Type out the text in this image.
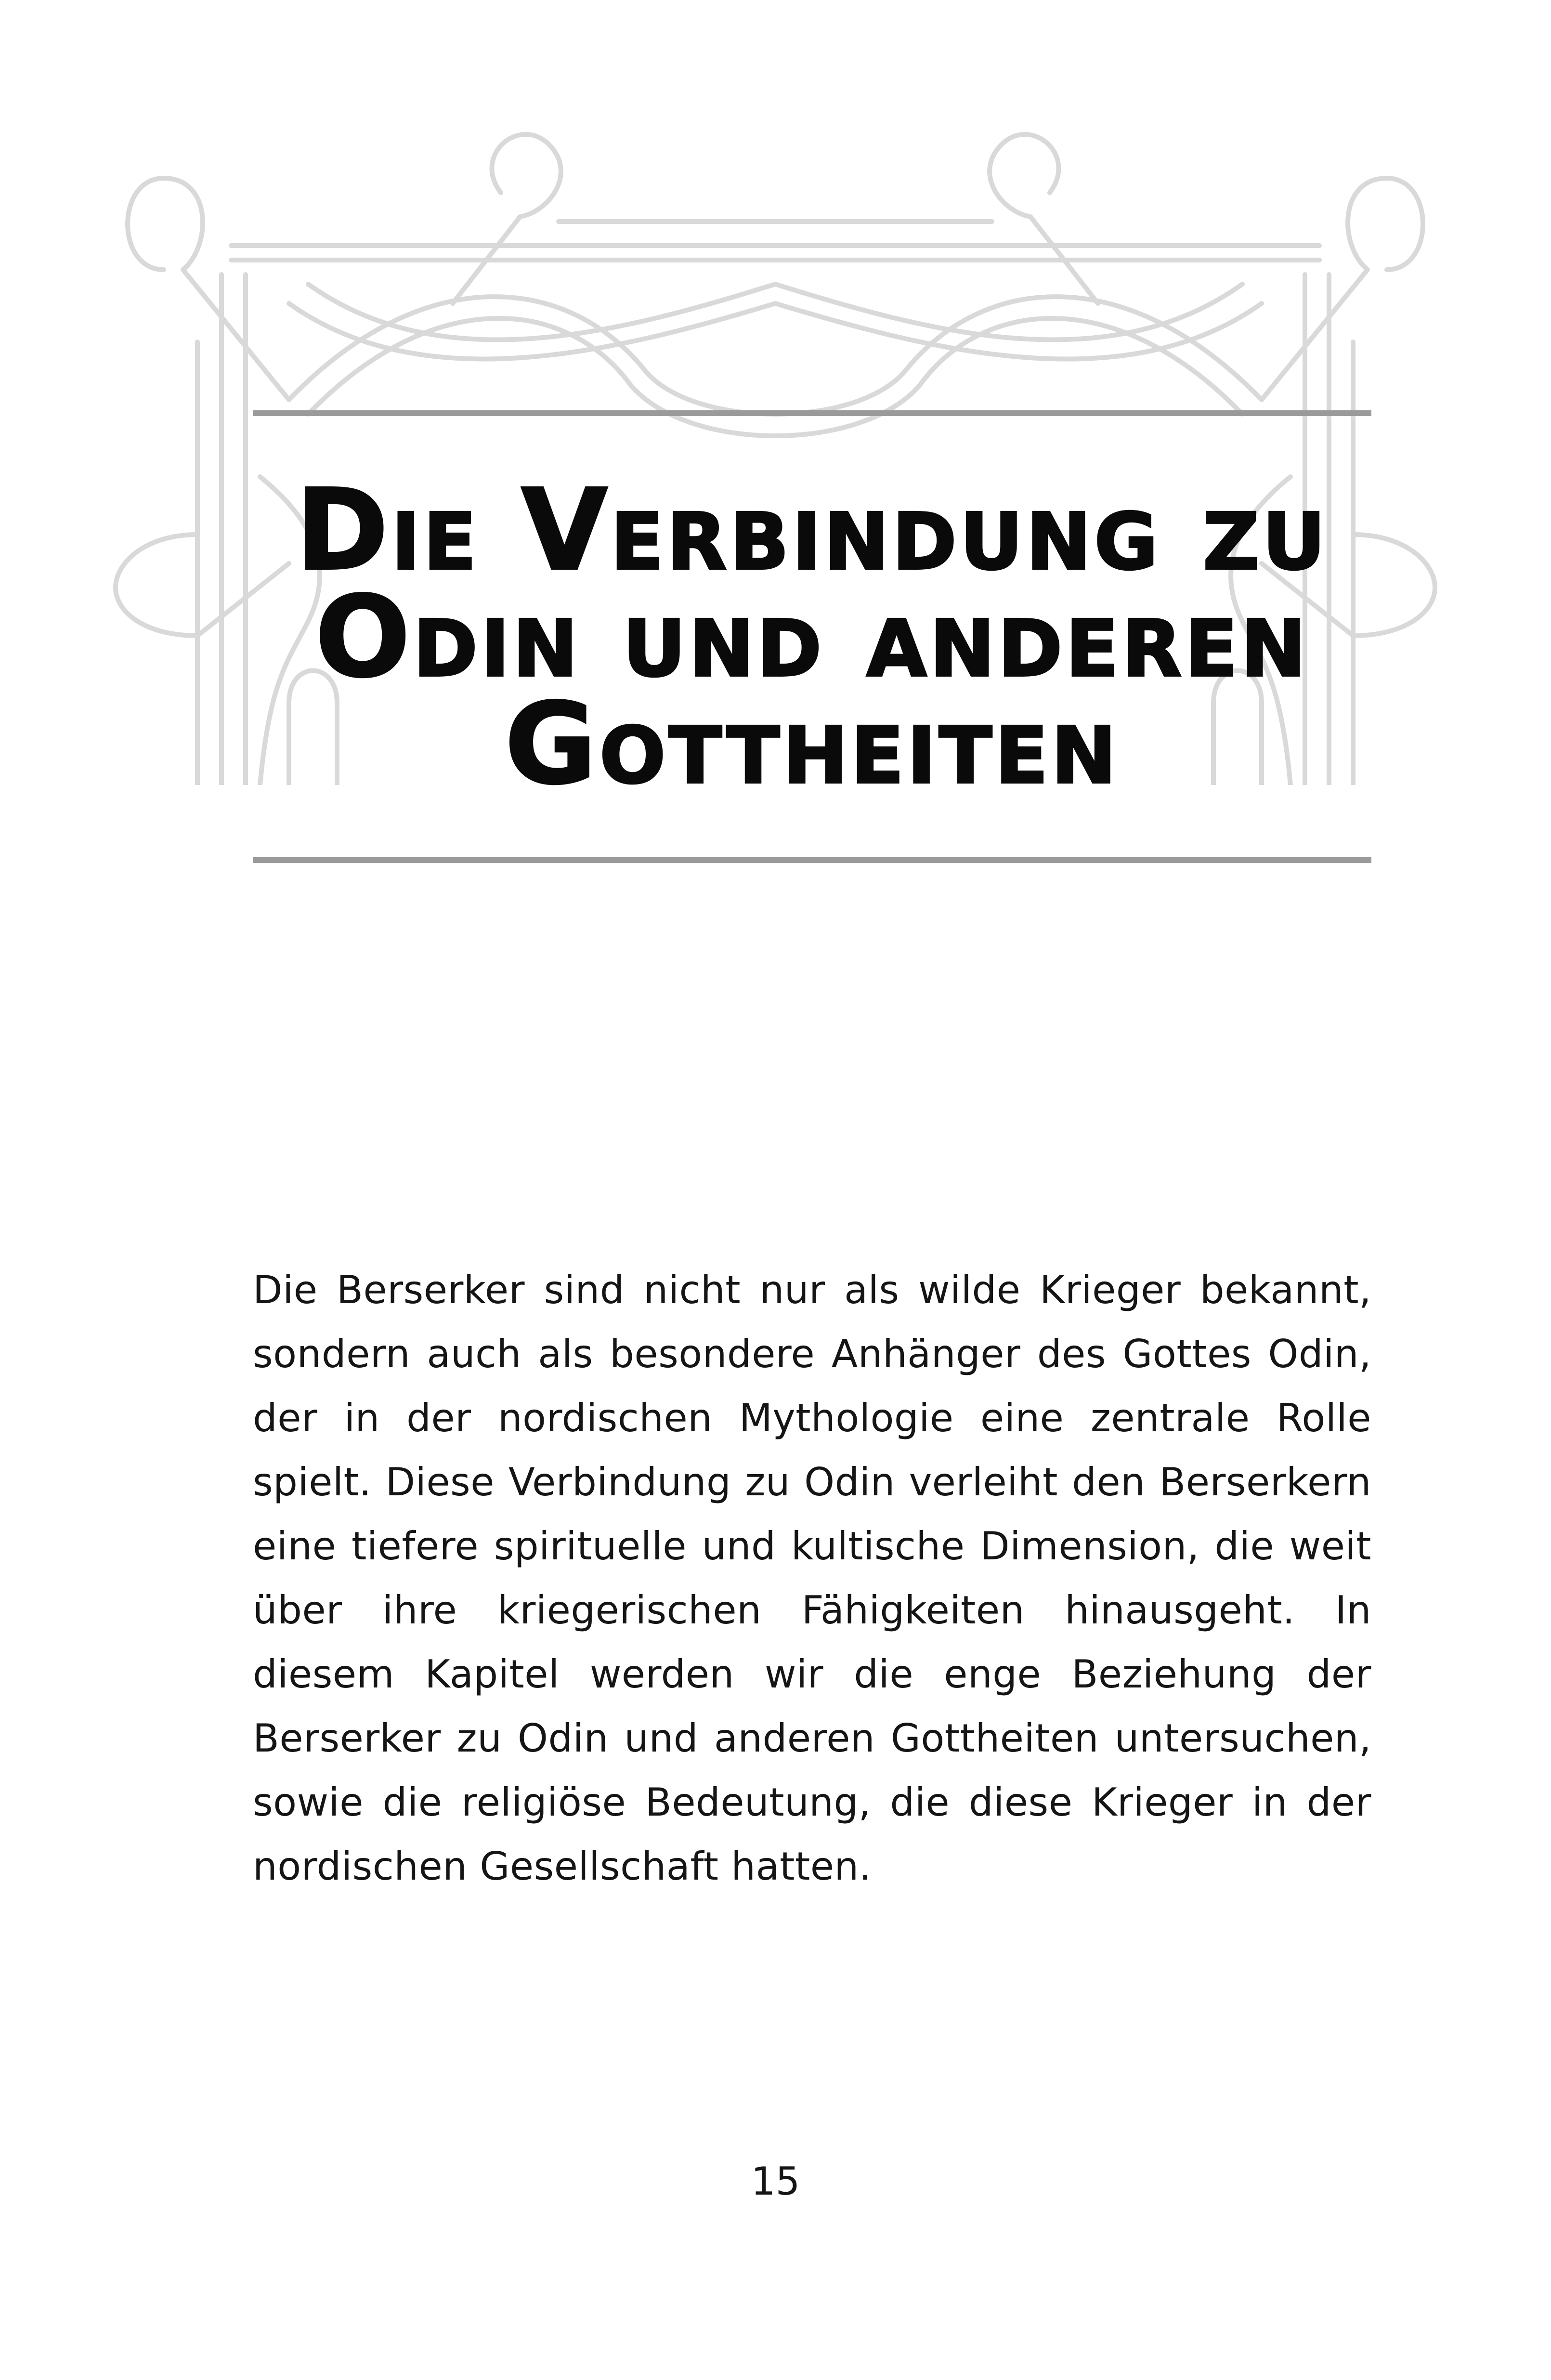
Die Verbindung zu Odin und anderen Gottheiten

Die Berserker sind nicht nur als wilde Krieger bekannt, sondern auch als besondere Anhänger des Gottes Odin, der in der nordischen Mythologie eine zentrale Rolle spielt. Diese Verbindung zu Odin verleiht den Berserkern eine tiefere spirituelle und kultische Dimension, die weit über ihre kriegerischen Fähigkeiten hinausgeht. In diesem Kapitel werden wir die enge Beziehung der Berserker zu Odin und anderen Gottheiten untersuchen, sowie die religiöse Bedeutung, die diese Krieger in der nordischen Gesellschaft hatten.

15
